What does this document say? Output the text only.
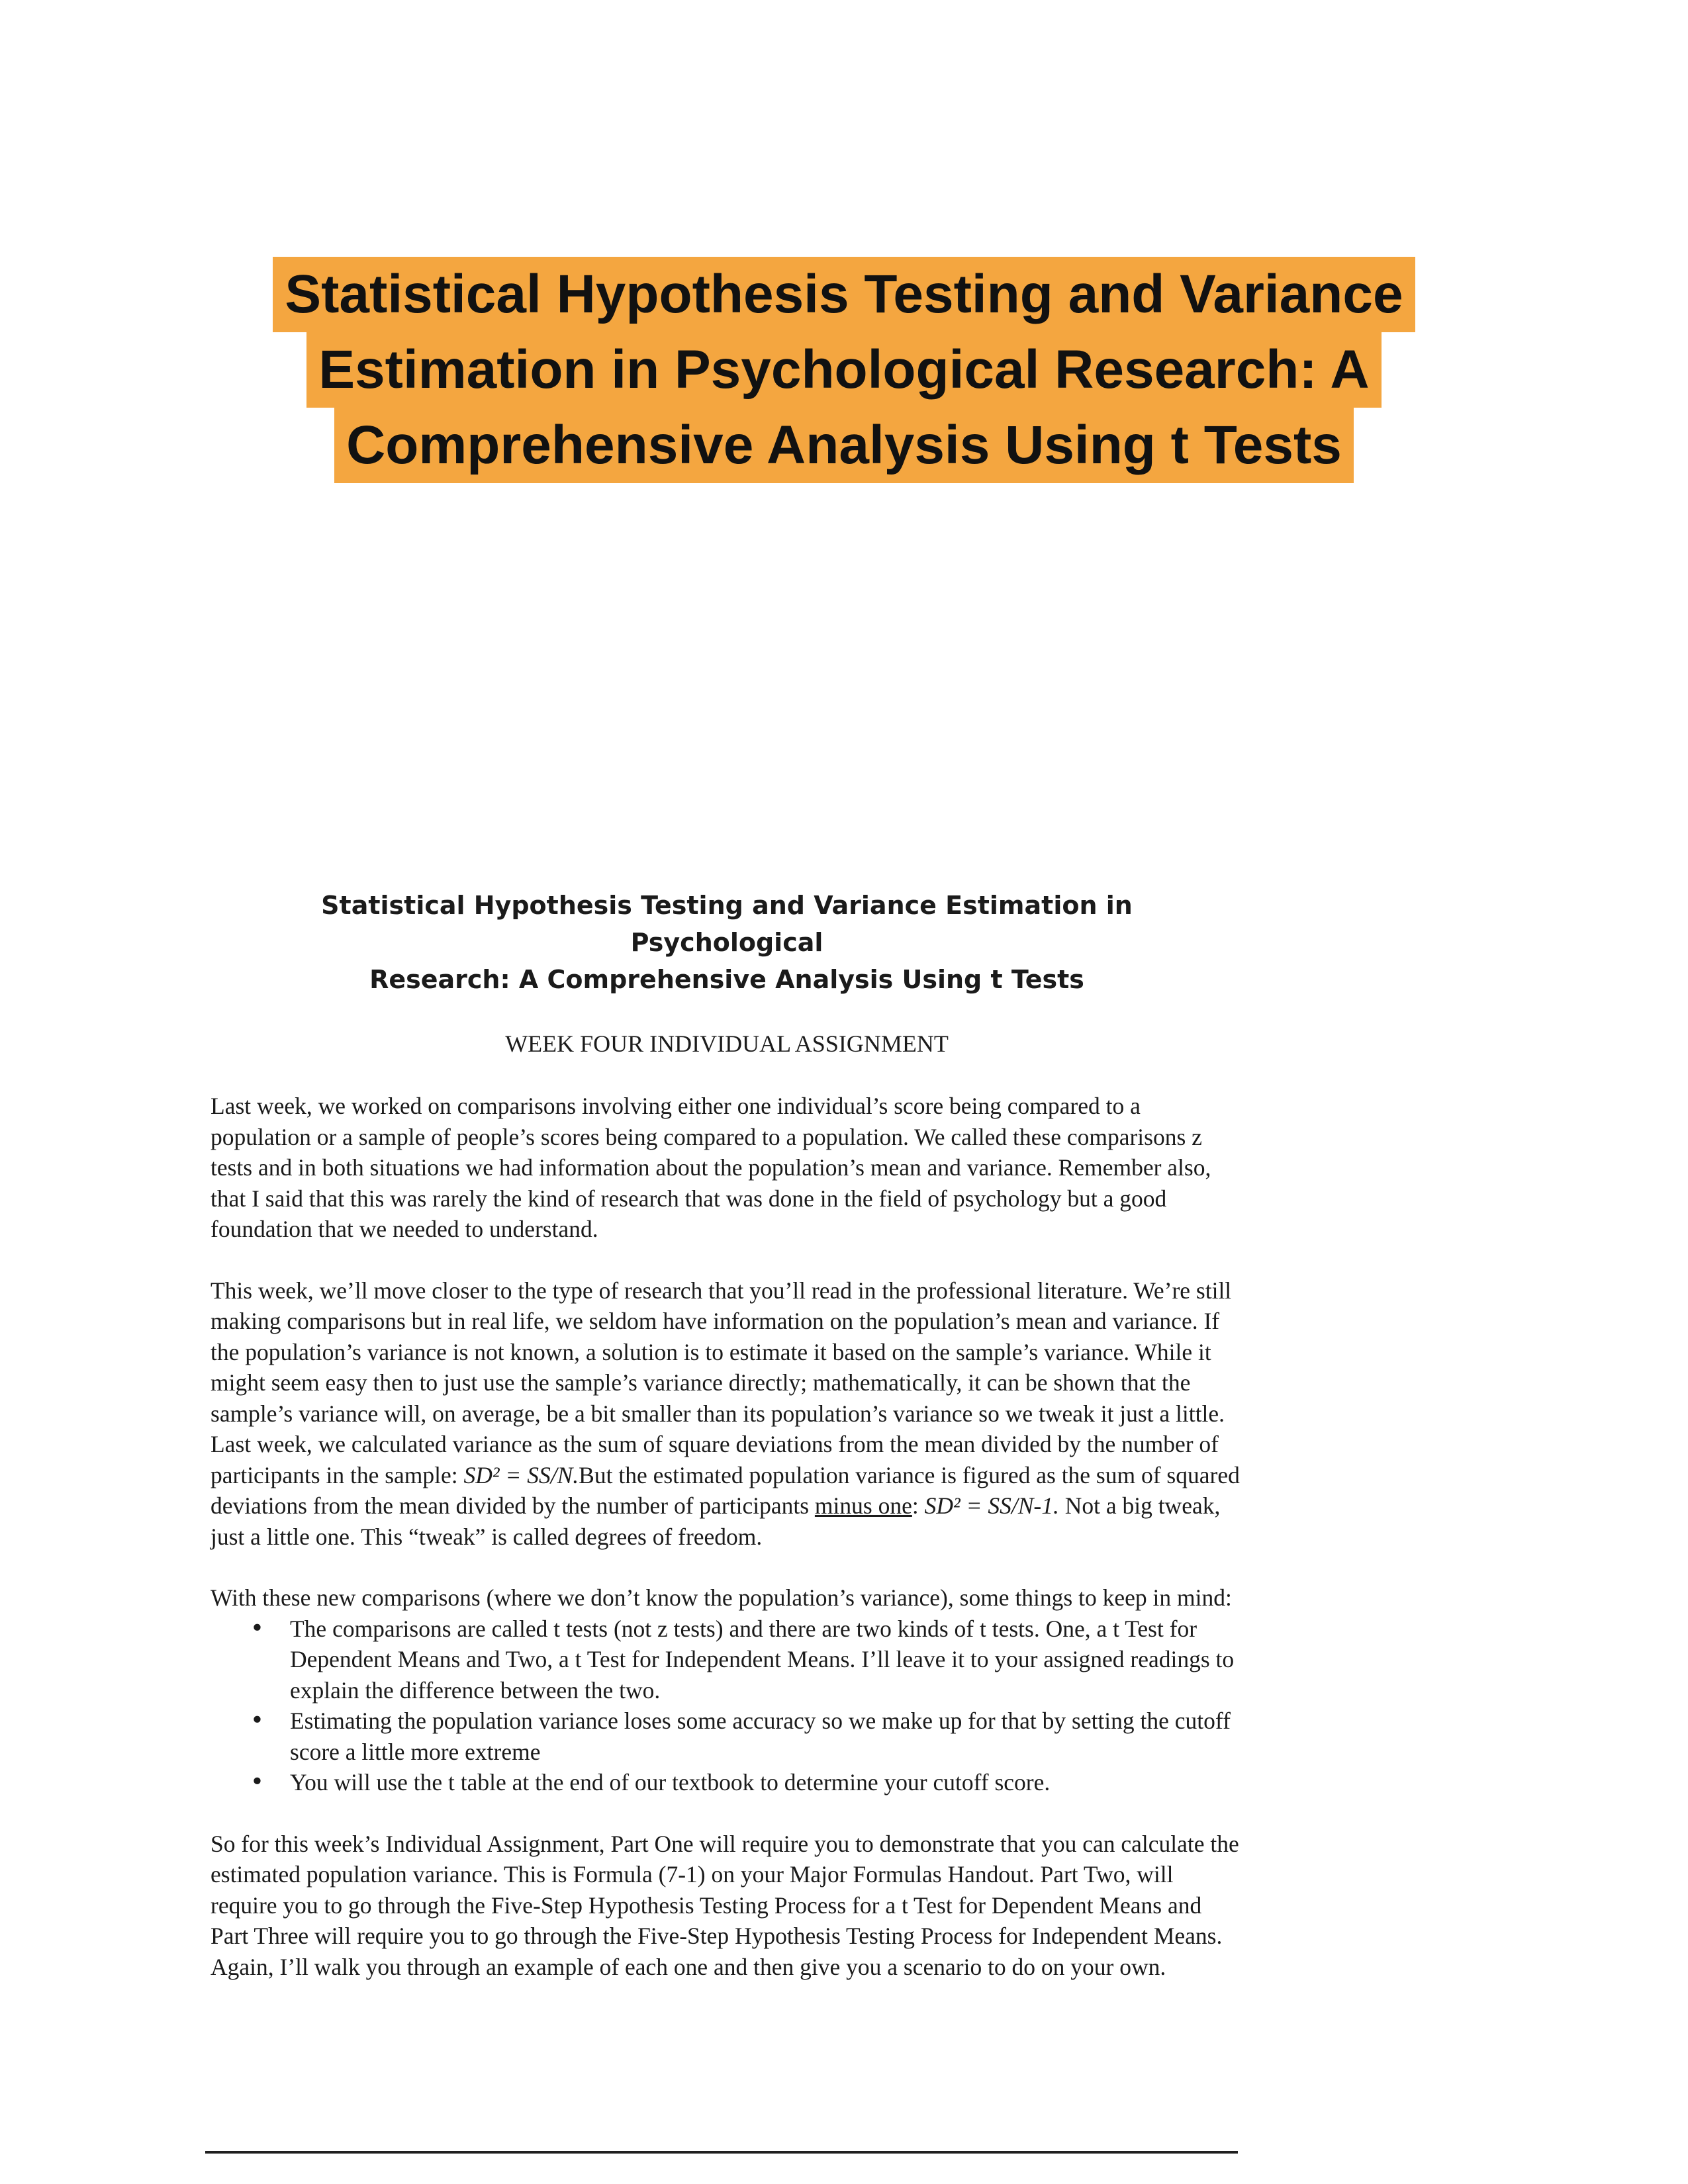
Statistical Hypothesis Testing and Variance
Estimation in Psychological Research: A
Comprehensive Analysis Using t Tests
Statistical Hypothesis Testing and Variance Estimation in Psychological
Research: A Comprehensive Analysis Using t Tests
WEEK FOUR INDIVIDUAL ASSIGNMENT

Last week, we worked on comparisons involving either one individual’s score being compared to a population or a sample of people’s scores being compared to a population. We called these comparisons z tests and in both situations we had information about the population’s mean and variance. Remember also, that I said that this was rarely the kind of research that was done in the field of psychology but a good foundation that we needed to understand.

This week, we’ll move closer to the type of research that you’ll read in the professional literature. We’re still making comparisons but in real life, we seldom have information on the population’s mean and variance. If the population’s variance is not known, a solution is to estimate it based on the sample’s variance. While it might seem easy then to just use the sample’s variance directly; mathematically, it can be shown that the sample’s variance will, on average, be a bit smaller than its population’s variance so we tweak it just a little. Last week, we calculated variance as the sum of square deviations from the mean divided by the number of participants in the sample: SD² = SS/N.But the estimated population variance is figured as the sum of squared deviations from the mean divided by the number of participants minus one: SD² = SS/N-1. Not a big tweak, just a little one. This “tweak” is called degrees of freedom.

With these new comparisons (where we don’t know the population’s variance), some things to keep in mind:

• The comparisons are called t tests (not z tests) and there are two kinds of t tests. One, a t Test for Dependent Means and Two, a t Test for Independent Means. I’ll leave it to your assigned readings to explain the difference between the two.
• Estimating the population variance loses some accuracy so we make up for that by setting the cutoff score a little more extreme
• You will use the t table at the end of our textbook to determine your cutoff score.

So for this week’s Individual Assignment, Part One will require you to demonstrate that you can calculate the estimated population variance. This is Formula (7-1) on your Major Formulas Handout. Part Two, will require you to go through the Five-Step Hypothesis Testing Process for a t Test for Dependent Means and Part Three will require you to go through the Five-Step Hypothesis Testing Process for Independent Means. Again, I’ll walk you through an example of each one and then give you a scenario to do on your own.
